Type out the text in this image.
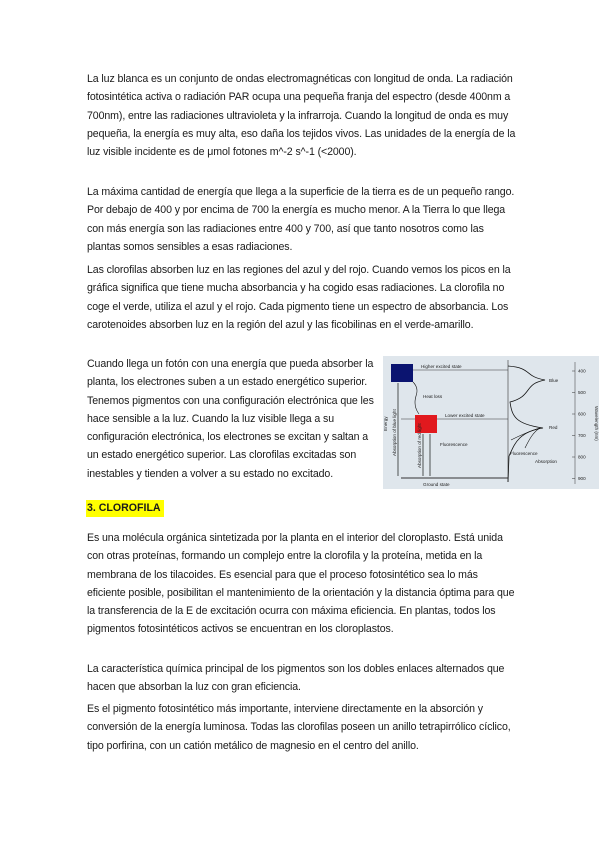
La luz blanca es un conjunto de ondas electromagnéticas con longitud de onda. La radiación fotosintética activa o radiación PAR ocupa una pequeña franja del espectro (desde 400nm a 700nm), entre las radiaciones ultravioleta y la infrarroja. Cuando la longitud de onda es muy pequeña, la energía es muy alta, eso daña los tejidos vivos. Las unidades de la energía de la luz visible incidente es de μmol fotones m^-2 s^-1 (<2000).

La máxima cantidad de energía que llega a la superficie de la tierra es de un pequeño rango. Por debajo de 400 y por encima de 700 la energía es mucho menor. A la Tierra lo que llega con más energía son las radiaciones entre 400 y 700, así que tanto nosotros como las plantas somos sensibles a esas radiaciones.

Las clorofilas absorben luz en las regiones del azul y del rojo. Cuando vemos los picos en la gráfica significa que tiene mucha absorbancia y ha cogido esas radiaciones. La clorofila no coge el verde, utiliza el azul y el rojo. Cada pigmento tiene un espectro de absorbancia. Los carotenoides absorben luz en la región del azul y las ficobilinas en el verde-amarillo.

Cuando llega un fotón con una energía que pueda absorber la planta, los electrones suben a un estado energético superior. Tenemos pigmentos con una configuración electrónica que les hace sensible a la luz. Cuando la luz visible llega a su configuración electrónica, los electrones se excitan y saltan a un estado energético superior. Las clorofilas excitadas son inestables y tienden a volver a su estado no excitado.

Higher excited state
Heat loss
Lower excited state
Fluorescence
Ground state
Energy Absorption of blue light	Absorption of red light
Blue
Red
Absorption
Fluorescence
400
500
600
700
800
900
Wavelength (nm)
3. CLOROFILA

Es una molécula orgánica sintetizada por la planta en el interior del cloroplasto. Está unida con otras proteínas, formando un complejo entre la clorofila y la proteína, metida en la membrana de los tilacoides. Es esencial para que el proceso fotosintético sea lo más eficiente posible, posibilitan el mantenimiento de la orientación y la distancia óptima para que la transferencia de la E de excitación ocurra con máxima eficiencia. En plantas, todos los pigmentos fotosintéticos activos se encuentran en los cloroplastos.

La característica química principal de los pigmentos son los dobles enlaces alternados que hacen que absorban la luz con gran eficiencia.

Es el pigmento fotosintético más importante, interviene directamente en la absorción y conversión de la energía luminosa. Todas las clorofilas poseen un anillo tetrapirrólico cíclico, tipo porfirina, con un catión metálico de magnesio en el centro del anillo.
